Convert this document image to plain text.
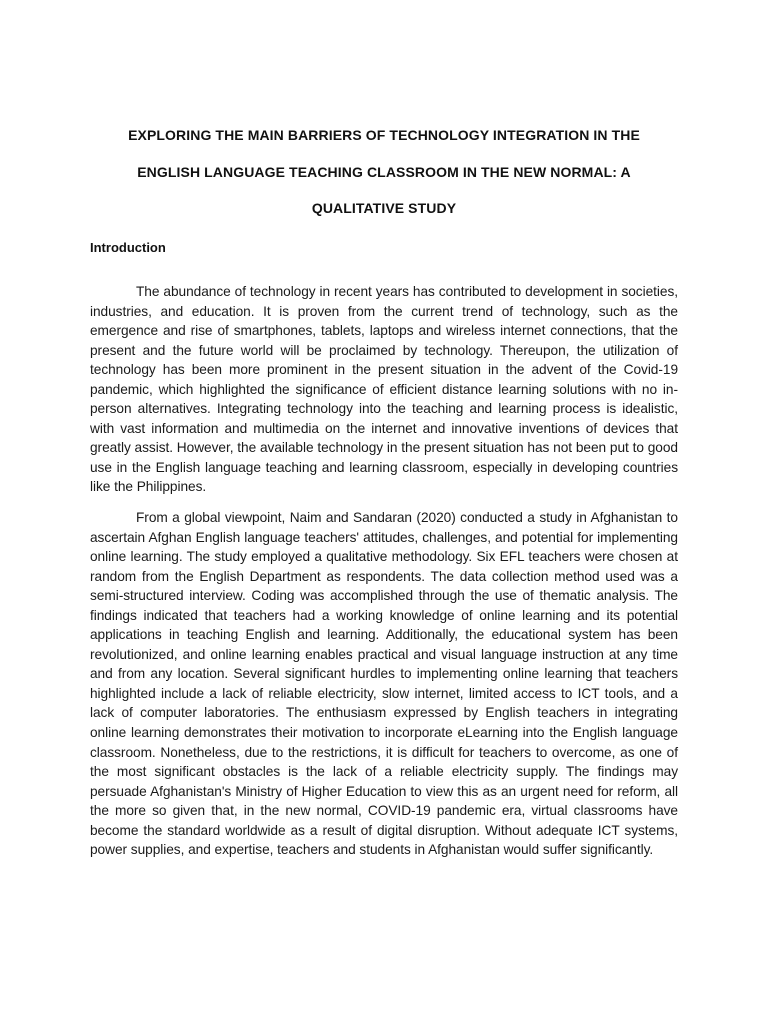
EXPLORING THE MAIN BARRIERS OF TECHNOLOGY INTEGRATION IN THE
ENGLISH LANGUAGE TEACHING CLASSROOM IN THE NEW NORMAL: A
QUALITATIVE STUDY
Introduction

The abundance of technology in recent years has contributed to development in societies, industries, and education. It is proven from the current trend of technology, such as the emergence and rise of smartphones, tablets, laptops and wireless internet connections, that the present and the future world will be proclaimed by technology. Thereupon, the utilization of technology has been more prominent in the present situation in the advent of the Covid-19 pandemic, which highlighted the significance of efficient distance learning solutions with no in-person alternatives. Integrating technology into the teaching and learning process is idealistic, with vast information and multimedia on the internet and innovative inventions of devices that greatly assist. However, the available technology in the present situation has not been put to good use in the English language teaching and learning classroom, especially in developing countries like the Philippines.

From a global viewpoint, Naim and Sandaran (2020) conducted a study in Afghanistan to ascertain Afghan English language teachers' attitudes, challenges, and potential for implementing online learning. The study employed a qualitative methodology. Six EFL teachers were chosen at random from the English Department as respondents. The data collection method used was a semi-structured interview. Coding was accomplished through the use of thematic analysis. The findings indicated that teachers had a working knowledge of online learning and its potential applications in teaching English and learning. Additionally, the educational system has been revolutionized, and online learning enables practical and visual language instruction at any time and from any location. Several significant hurdles to implementing online learning that teachers highlighted include a lack of reliable electricity, slow internet, limited access to ICT tools, and a lack of computer laboratories. The enthusiasm expressed by English teachers in integrating online learning demonstrates their motivation to incorporate eLearning into the English language classroom. Nonetheless, due to the restrictions, it is difficult for teachers to overcome, as one of the most significant obstacles is the lack of a reliable electricity supply. The findings may persuade Afghanistan's Ministry of Higher Education to view this as an urgent need for reform, all the more so given that, in the new normal, COVID-19 pandemic era, virtual classrooms have become the standard worldwide as a result of digital disruption. Without adequate ICT systems, power supplies, and expertise, teachers and students in Afghanistan would suffer significantly.
